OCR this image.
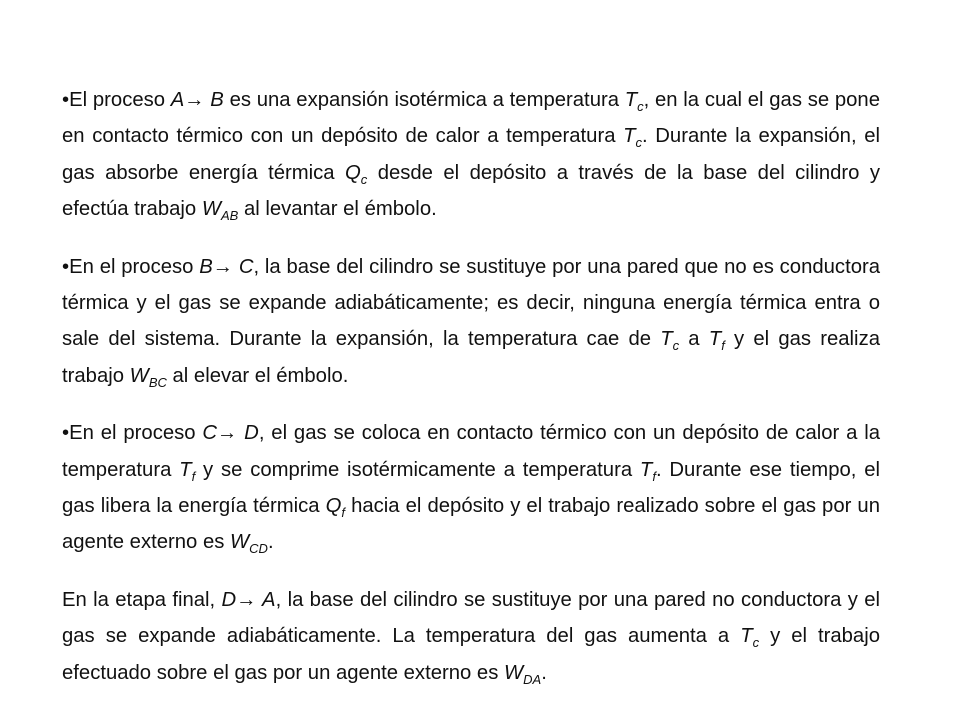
•El proceso A→ B es una expansión isotérmica a temperatura $T_c$, en la cual el gas se pone en contacto térmico con un depósito de calor a temperatura $T_c$. Durante la expansión, el gas absorbe energía térmica $Q_c$ desde el depósito a través de la base del cilindro y efectúa trabajo $W_{AB}$ al levantar el émbolo.

•En el proceso B→ C, la base del cilindro se sustituye por una pared que no es conductora térmica y el gas se expande adiabáticamente; es decir, ninguna energía térmica entra o sale del sistema. Durante la expansión, la temperatura cae de $T_c$ a $T_f$ y el gas realiza trabajo $W_{BC}$ al elevar el émbolo.

•En el proceso C→ D, el gas se coloca en contacto térmico con un depósito de calor a la temperatura $T_f$ y se comprime isotérmicamente a temperatura $T_f$. Durante ese tiempo, el gas libera la energía térmica $Q_f$ hacia el depósito y el trabajo realizado sobre el gas por un agente externo es $W_{CD}$.

En la etapa final, D→ A, la base del cilindro se sustituye por una pared no conductora y el gas se expande adiabáticamente. La temperatura del gas aumenta a $T_c$ y el trabajo efectuado sobre el gas por un agente externo es $W_{DA}$.
